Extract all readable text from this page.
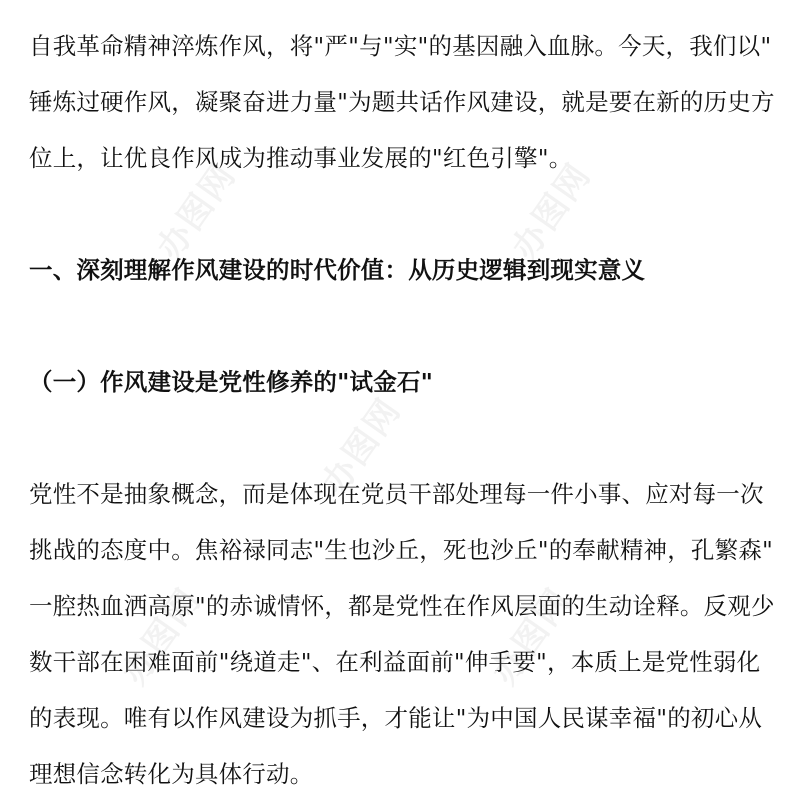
自我革命精神淬炼作风，将"严"与"实"的基因融入血脉。今天，我们以"
锤炼过硬作风，凝聚奋进力量"为题共话作风建设，就是要在新的历史方
位上，让优良作风成为推动事业发展的"红色引擎"。
一、深刻理解作风建设的时代价值：从历史逻辑到现实意义
（一）作风建设是党性修养的"试金石"
党性不是抽象概念，而是体现在党员干部处理每一件小事、应对每一次
挑战的态度中。焦裕禄同志"生也沙丘，死也沙丘"的奉献精神，孔繁森"
一腔热血洒高原"的赤诚情怀，都是党性在作风层面的生动诠释。反观少
数干部在困难面前"绕道走"、在利益面前"伸手要"，本质上是党性弱化
的表现。唯有以作风建设为抓手，才能让"为中国人民谋幸福"的初心从
理想信念转化为具体行动。
办图网	办图网
办图网
办图网	办图网
